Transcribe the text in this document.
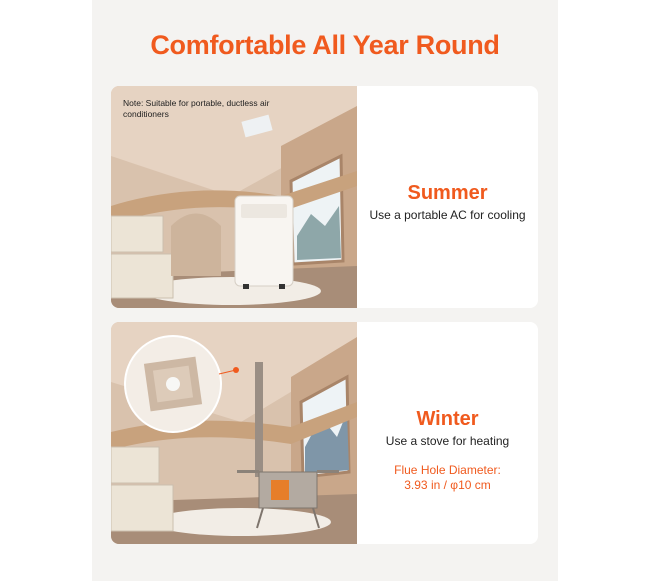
Comfortable All Year Round
Note: Suitable for portable, ductless air conditioners
Summer
Use a portable AC for cooling
Winter
Use a stove for heating
Flue Hole Diameter:
3.93 in / φ10 cm
